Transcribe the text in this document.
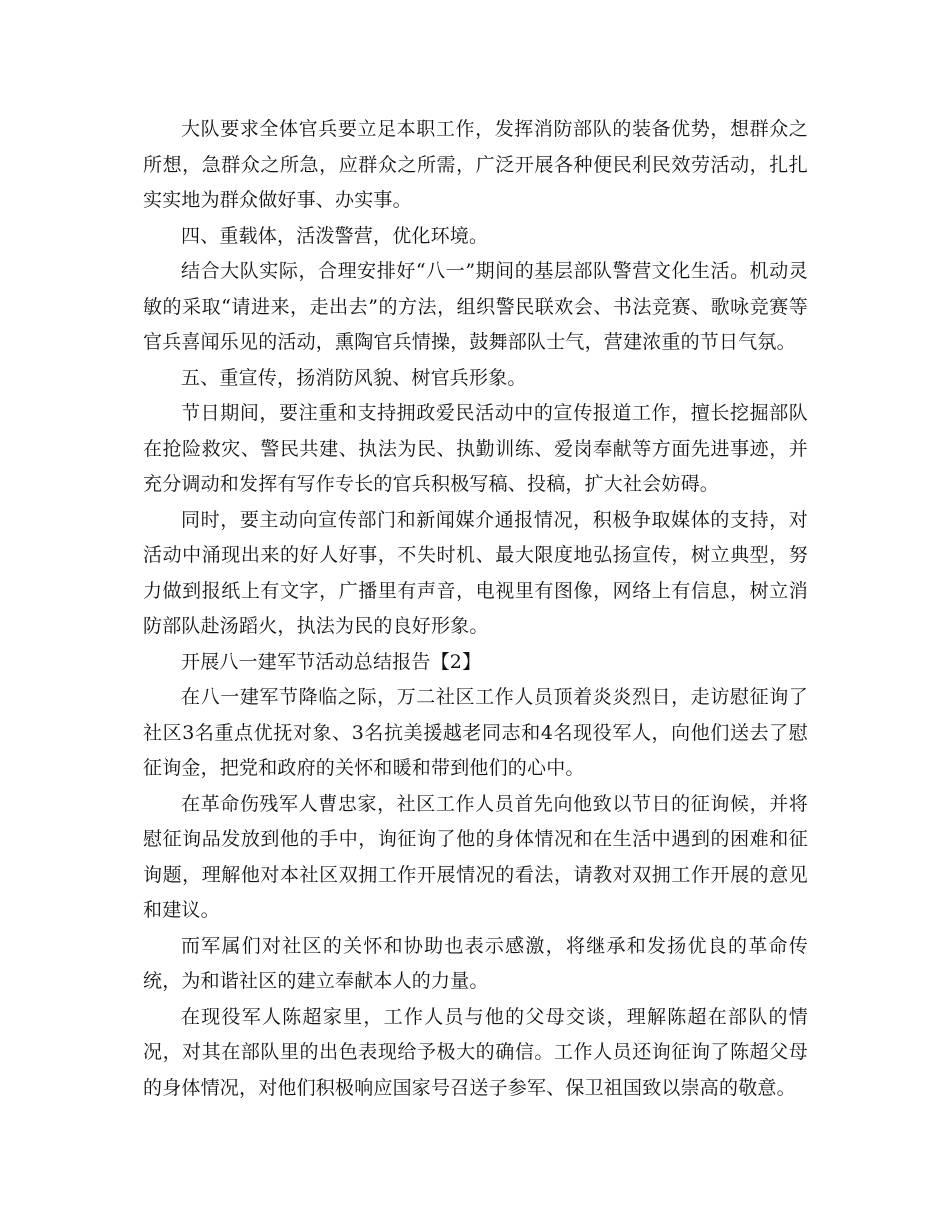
大队要求全体官兵要立足本职工作，发挥消防部队的装备优势，想群众之所想，急群众之所急，应群众之所需，广泛开展各种便民利民效劳活动，扎扎实实地为群众做好事、办实事。

四、重载体，活泼警营，优化环境。

结合大队实际，合理安排好“八一”期间的基层部队警营文化生活。机动灵敏的采取“请进来，走出去”的方法，组织警民联欢会、书法竞赛、歌咏竞赛等官兵喜闻乐见的活动，熏陶官兵情操，鼓舞部队士气，营建浓重的节日气氛。

五、重宣传，扬消防风貌、树官兵形象。

节日期间，要注重和支持拥政爱民活动中的宣传报道工作，擅长挖掘部队在抢险救灾、警民共建、执法为民、执勤训练、爱岗奉献等方面先进事迹，并充分调动和发挥有写作专长的官兵积极写稿、投稿，扩大社会妨碍。

同时，要主动向宣传部门和新闻媒介通报情况，积极争取媒体的支持，对活动中涌现出来的好人好事，不失时机、最大限度地弘扬宣传，树立典型，努力做到报纸上有文字，广播里有声音，电视里有图像，网络上有信息，树立消防部队赴汤蹈火，执法为民的良好形象。

开展八一建军节活动总结报告【2】

在八一建军节降临之际，万二社区工作人员顶着炎炎烈日，走访慰征询了社区3名重点优抚对象、3名抗美援越老同志和4名现役军人，向他们送去了慰征询金，把党和政府的关怀和暖和带到他们的心中。

在革命伤残军人曹忠家，社区工作人员首先向他致以节日的征询候，并将慰征询品发放到他的手中，询征询了他的身体情况和在生活中遇到的困难和征询题，理解他对本社区双拥工作开展情况的看法，请教对双拥工作开展的意见和建议。

而军属们对社区的关怀和协助也表示感激，将继承和发扬优良的革命传统，为和谐社区的建立奉献本人的力量。

在现役军人陈超家里，工作人员与他的父母交谈，理解陈超在部队的情况，对其在部队里的出色表现给予极大的确信。工作人员还询征询了陈超父母的身体情况，对他们积极响应国家号召送子参军、保卫祖国致以崇高的敬意。
